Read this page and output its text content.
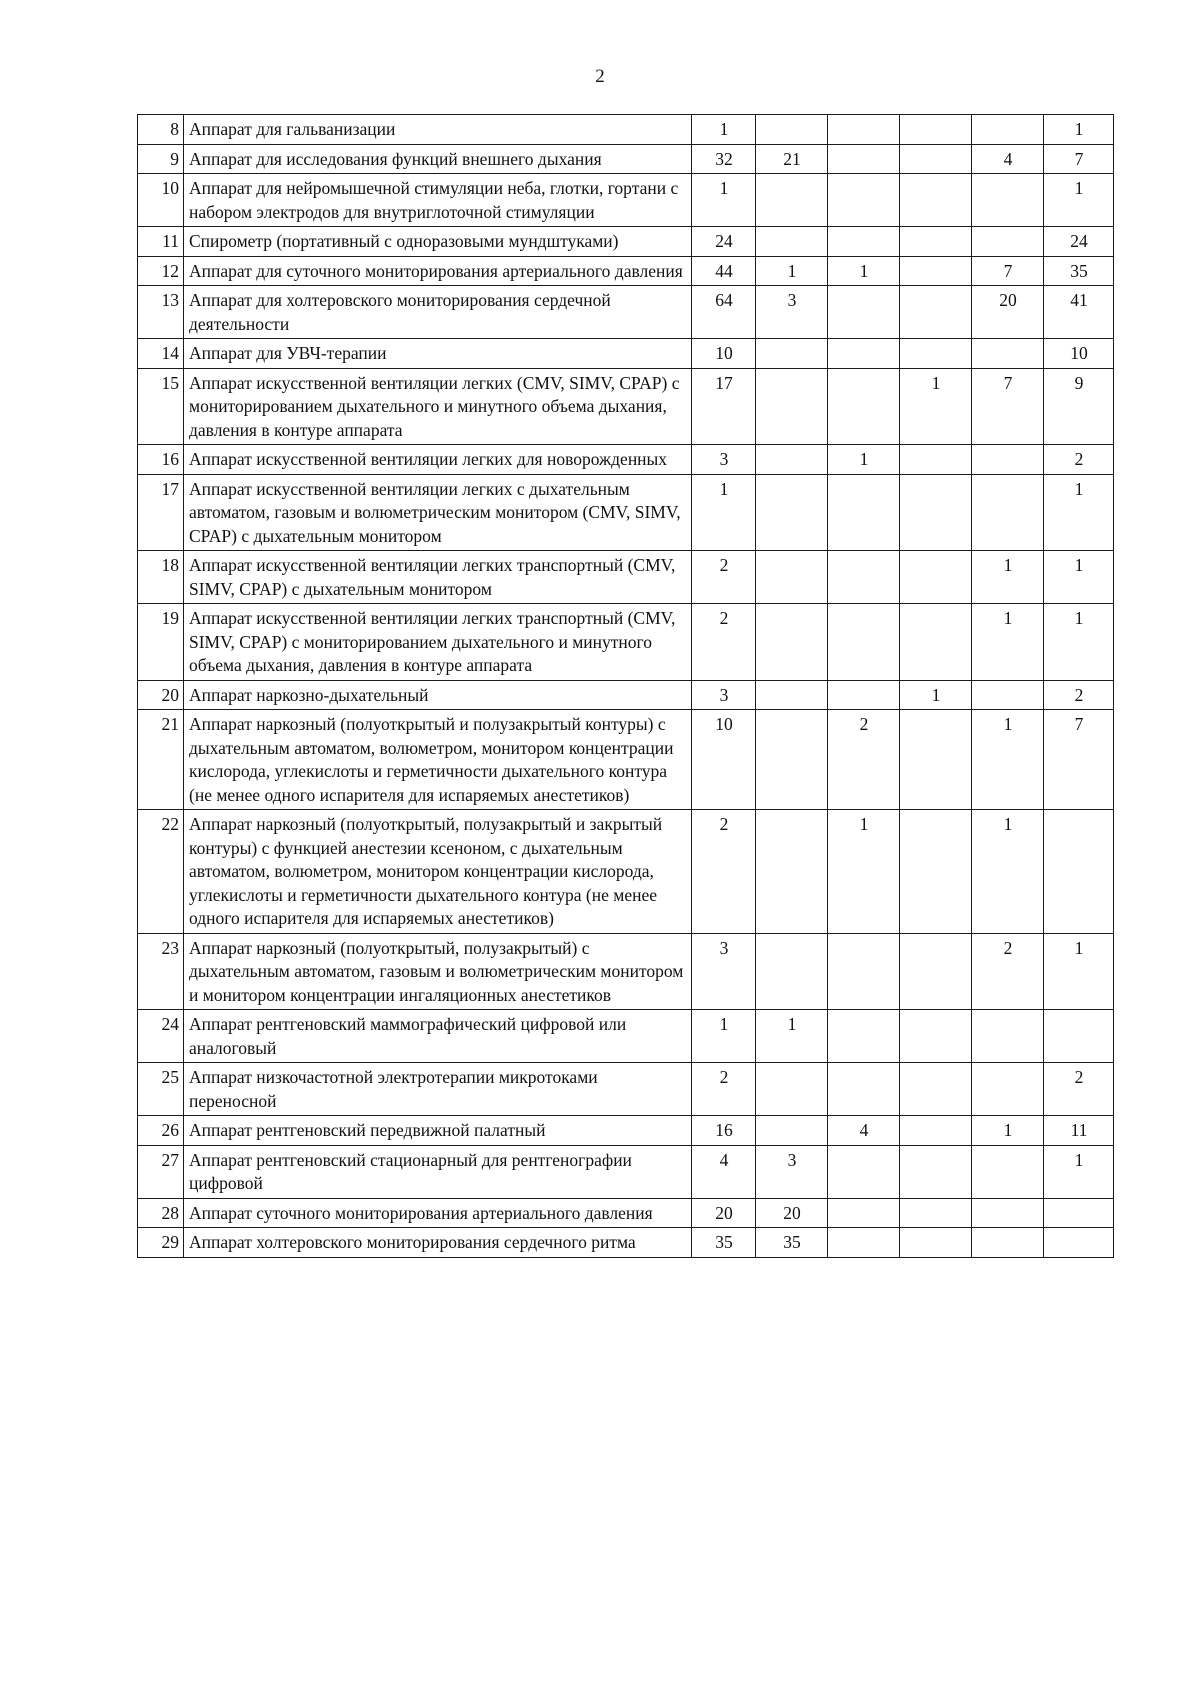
2
8	Аппарат для гальванизации	1					1
9	Аппарат для исследования функций внешнего дыхания	32	21			4	7
10	Аппарат для нейромышечной стимуляции неба, глотки, гортани с набором электродов для внутриглоточной стимуляции	1					1
11	Спирометр (портативный с одноразовыми мундштуками)	24					24
12	Аппарат для суточного мониторирования артериального давления	44	1	1		7	35
13	Аппарат для холтеровского мониторирования сердечной деятельности	64	3			20	41
14	Аппарат для УВЧ-терапии	10					10
15	Аппарат искусственной вентиляции легких (CMV, SIMV, CPAP) с мониторированием дыхательного и минутного объема дыхания, давления в контуре аппарата	17			1	7	9
16	Аппарат искусственной вентиляции легких для новорожденных	3		1			2
17	Аппарат искусственной вентиляции легких с дыхательным автоматом, газовым и волюметрическим монитором (CMV, SIMV, CPAP) с дыхательным монитором	1					1
18	Аппарат искусственной вентиляции легких транспортный (CMV, SIMV, CPAP) с дыхательным монитором	2				1	1
19	Аппарат искусственной вентиляции легких транспортный (CMV, SIMV, CPAP) с мониторированием дыхательного и минутного объема дыхания, давления в контуре аппарата	2				1	1
20	Аппарат наркозно-дыхательный	3			1		2
21	Аппарат наркозный (полуоткрытый и полузакрытый контуры) с дыхательным автоматом, волюметром, монитором концентрации кислорода, углекислоты и герметичности дыхательного контура (не менее одного испарителя для испаряемых анестетиков)	10		2		1	7
22	Аппарат наркозный (полуоткрытый, полузакрытый и закрытый контуры) с функцией анестезии ксеноном, с дыхательным автоматом, волюметром, монитором концентрации кислорода, углекислоты и герметичности дыхательного контура (не менее одного испарителя для испаряемых анестетиков)	2		1		1	
23	Аппарат наркозный (полуоткрытый, полузакрытый) с дыхательным автоматом, газовым и волюметрическим монитором и монитором концентрации ингаляционных анестетиков	3				2	1
24	Аппарат рентгеновский маммографический цифровой или аналоговый	1	1				
25	Аппарат низкочастотной электротерапии микротоками переносной	2					2
26	Аппарат рентгеновский передвижной палатный	16		4		1	11
27	Аппарат рентгеновский стационарный для рентгенографии цифровой	4	3				1
28	Аппарат суточного мониторирования артериального давления	20	20				
29	Аппарат холтеровского мониторирования сердечного ритма	35	35				
